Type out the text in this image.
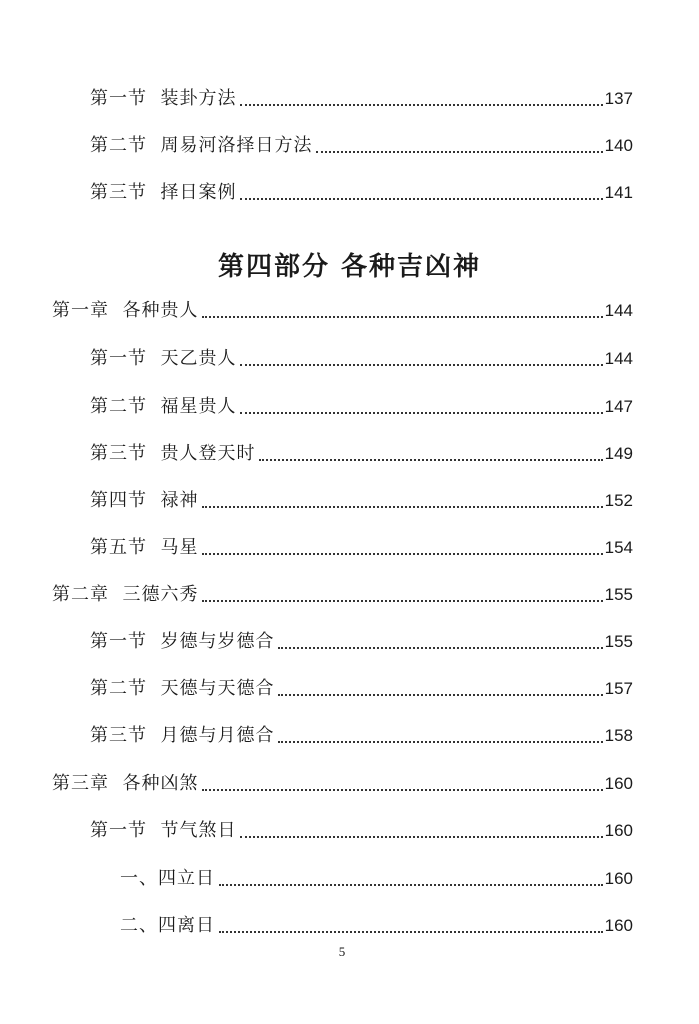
第一节  装卦方法	137
第二节  周易河洛择日方法	140
第三节  择日案例	141
第四部分 各种吉凶神
第一章  各种贵人	144
第一节  天乙贵人	144
第二节  福星贵人	147
第三节  贵人登天时	149
第四节  禄神	152
第五节  马星	154
第二章  三德六秀	155
第一节  岁德与岁德合	155
第二节  天德与天德合	157
第三节  月德与月德合	158
第三章  各种凶煞	160
第一节  节气煞日	160
一、四立日	160
二、四离日	160
5
